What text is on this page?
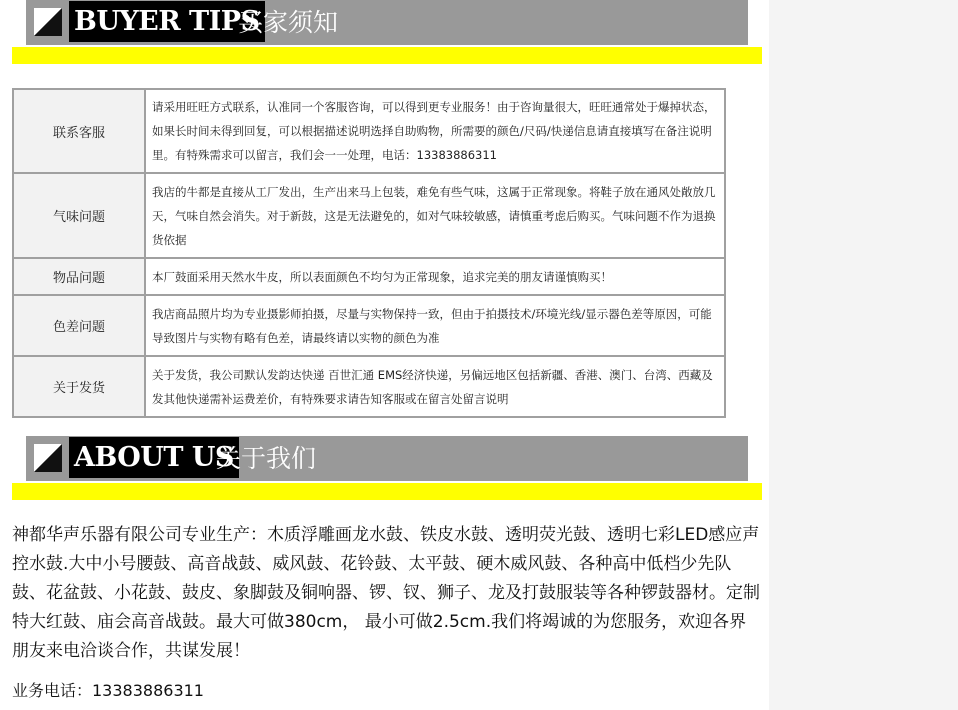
BUYER TIPS
买家须知
联系客服	请采用旺旺方式联系，认准同一个客服咨询，可以得到更专业服务！由于咨询量很大，旺旺通常处于爆掉状态，如果长时间未得到回复，可以根据描述说明选择自助购物，所需要的颜色/尺码/快递信息请直接填写在备注说明里。有特殊需求可以留言，我们会一一处理，电话：13383886311
气味问题	我店的牛都是直接从工厂发出，生产出来马上包装，难免有些气味，这属于正常现象。将鞋子放在通风处敞放几天，气味自然会消失。对于新鼓，这是无法避免的，如对气味较敏感，请慎重考虑后购买。气味问题不作为退换货依据
物品问题	本厂鼓面采用天然水牛皮，所以表面颜色不均匀为正常现象，追求完美的朋友请谨慎购买！
色差问题	我店商品照片均为专业摄影师拍摄，尽量与实物保持一致，但由于拍摄技术/环境光线/显示器色差等原因，可能导致图片与实物有略有色差，请最终请以实物的颜色为准
关于发货	关于发货，我公司默认发韵达快递 百世汇通 EMS经济快递，另偏远地区包括新疆、香港、澳门、台湾、西藏及发其他快递需补运费差价，有特殊要求请告知客服或在留言处留言说明
ABOUT US
关于我们
神都华声乐器有限公司专业生产：木质浮雕画龙水鼓、铁皮水鼓、透明荧光鼓、透明七彩LED感应声控水鼓.大中小号腰鼓、高音战鼓、威风鼓、花铃鼓、太平鼓、硬木威风鼓、各种高中低档少先队鼓、花盆鼓、小花鼓、鼓皮、象脚鼓及铜响器、锣、钗、狮子、龙及打鼓服装等各种锣鼓器材。定制特大红鼓、庙会高音战鼓。最大可做380cm， 最小可做2.5cm.我们将竭诚的为您服务，欢迎各界朋友来电洽谈合作，共谋发展！
业务电话：13383886311
